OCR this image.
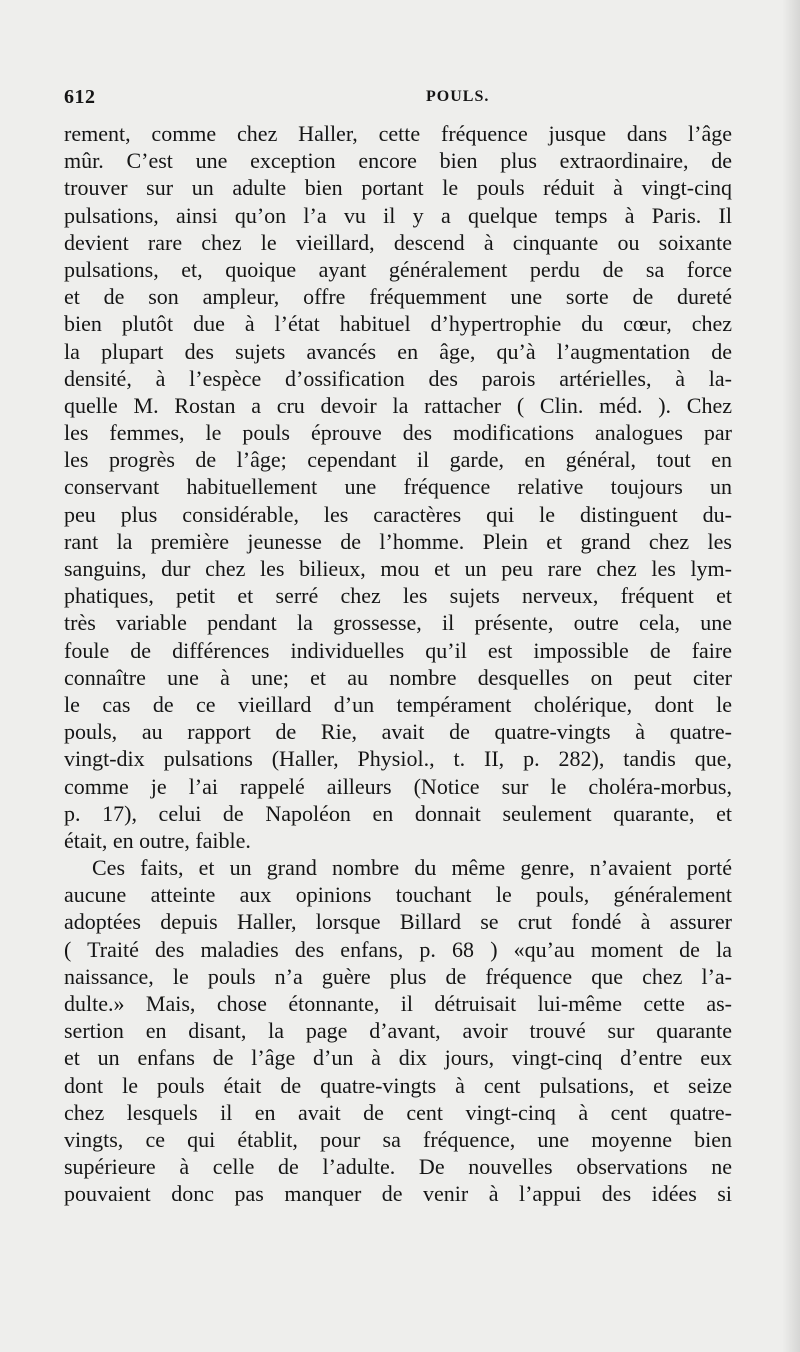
612	POULS.
rement, comme chez Haller, cette fréquence jusque dans l’âge
mûr. C’est une exception encore bien plus extraordinaire, de
trouver sur un adulte bien portant le pouls réduit à vingt-cinq
pulsations, ainsi qu’on l’a vu il y a quelque temps à Paris. Il
devient rare chez le vieillard, descend à cinquante ou soixante
pulsations, et, quoique ayant généralement perdu de sa force
et de son ampleur, offre fréquemment une sorte de dureté
bien plutôt due à l’état habituel d’hypertrophie du cœur, chez
la plupart des sujets avancés en âge, qu’à l’augmentation de
densité, à l’espèce d’ossification des parois artérielles, à la-
quelle M. Rostan a cru devoir la rattacher ( Clin. méd. ). Chez
les femmes, le pouls éprouve des modifications analogues par
les progrès de l’âge; cependant il garde, en général, tout en
conservant habituellement une fréquence relative toujours un
peu plus considérable, les caractères qui le distinguent du-
rant la première jeunesse de l’homme. Plein et grand chez les
sanguins, dur chez les bilieux, mou et un peu rare chez les lym-
phatiques, petit et serré chez les sujets nerveux, fréquent et
très variable pendant la grossesse, il présente, outre cela, une
foule de différences individuelles qu’il est impossible de faire
connaître une à une; et au nombre desquelles on peut citer
le cas de ce vieillard d’un tempérament cholérique, dont le
pouls, au rapport de Rie, avait de quatre-vingts à quatre-
vingt-dix pulsations (Haller, Physiol., t. II, p. 282), tandis que,
comme je l’ai rappelé ailleurs (Notice sur le choléra-morbus,
p. 17), celui de Napoléon en donnait seulement quarante, et
était, en outre, faible.
Ces faits, et un grand nombre du même genre, n’avaient porté
aucune atteinte aux opinions touchant le pouls, généralement
adoptées depuis Haller, lorsque Billard se crut fondé à assurer
( Traité des maladies des enfans, p. 68 ) «qu’au moment de la
naissance, le pouls n’a guère plus de fréquence que chez l’a-
dulte.» Mais, chose étonnante, il détruisait lui-même cette as-
sertion en disant, la page d’avant, avoir trouvé sur quarante
et un enfans de l’âge d’un à dix jours, vingt-cinq d’entre eux
dont le pouls était de quatre-vingts à cent pulsations, et seize
chez lesquels il en avait de cent vingt-cinq à cent quatre-
vingts, ce qui établit, pour sa fréquence, une moyenne bien
supérieure à celle de l’adulte. De nouvelles observations ne
pouvaient donc pas manquer de venir à l’appui des idées si
